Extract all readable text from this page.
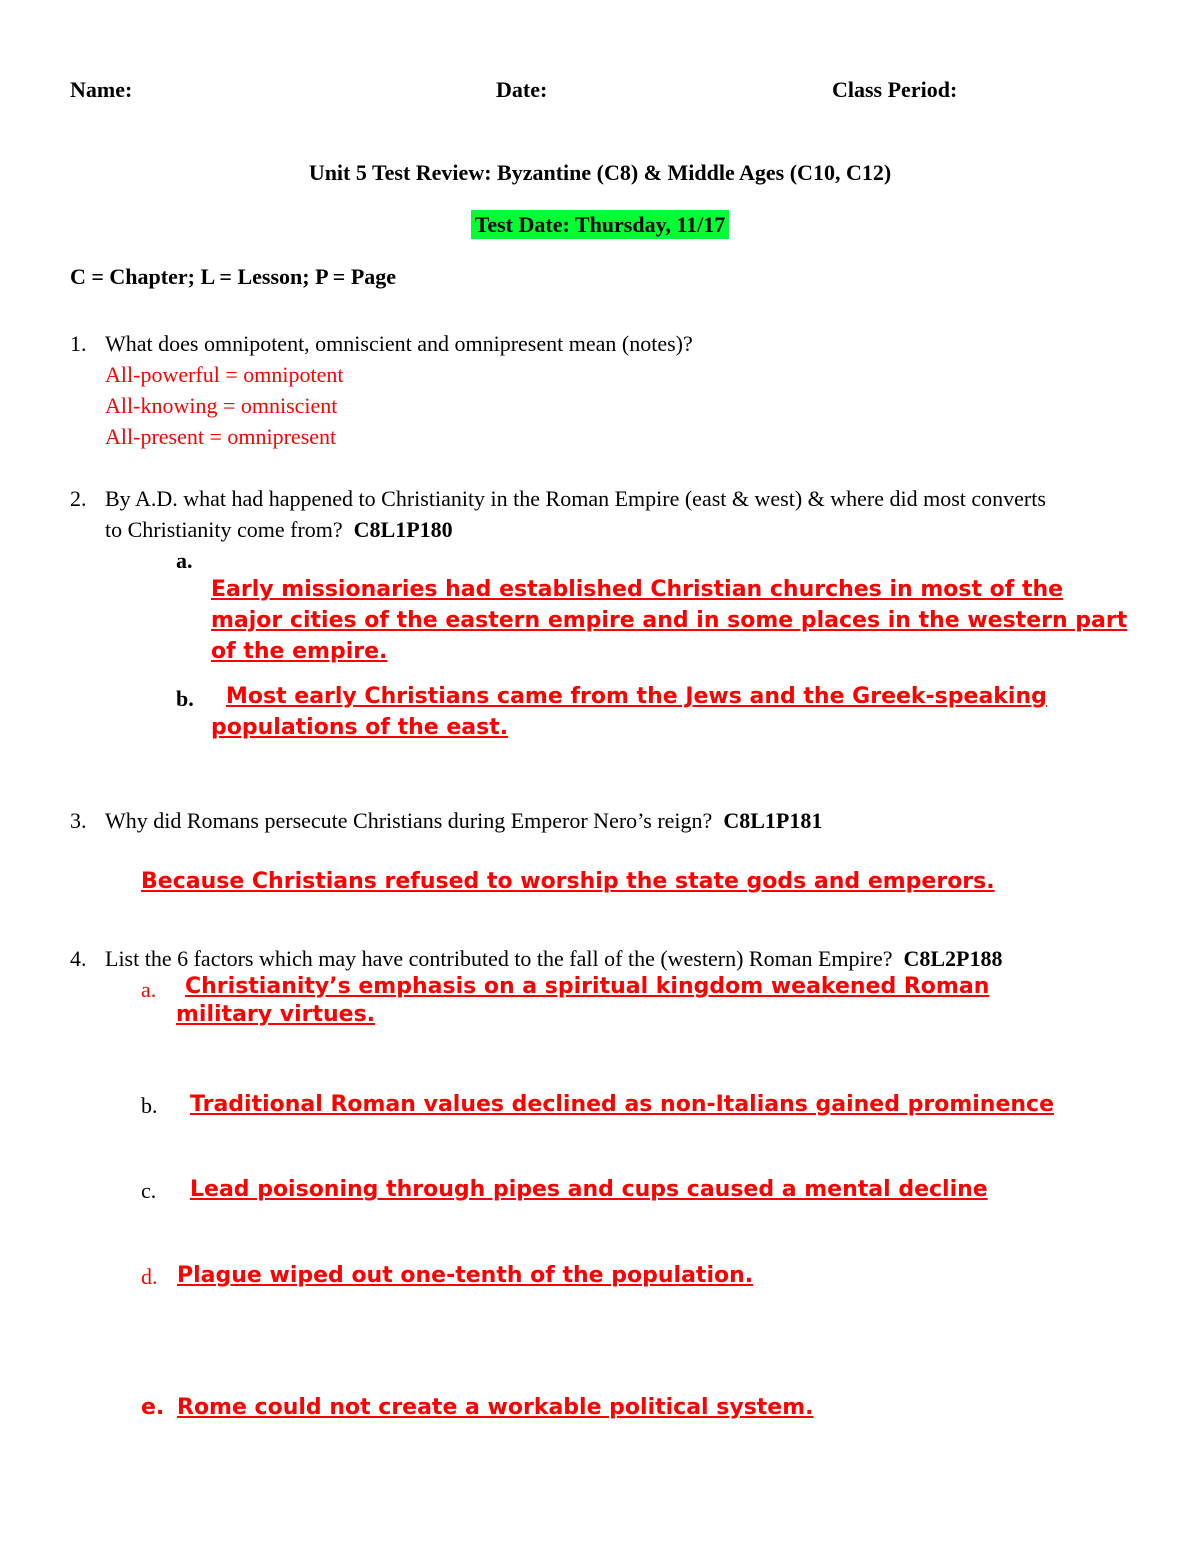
Name:	Date:	Class Period:
Unit 5 Test Review: Byzantine (C8) & Middle Ages (C10, C12)
Test Date: Thursday, 11/17
C = Chapter; L = Lesson; P = Page
1. What does omnipotent, omniscient and omnipresent mean (notes)?
All-powerful = omnipotent
All-knowing = omniscient
All-present = omnipresent
2. By A.D. what had happened to Christianity in the Roman Empire (east & west) & where did most converts
to Christianity come from? C8L1P180
a.
Early missionaries had established Christian churches in most of the major cities of the eastern empire and in some places in the western part of the empire.
b.	Most early Christians came from the Jews and the Greek-speaking populations of the east.
3. Why did Romans persecute Christians during Emperor Nero’s reign? C8L1P181
Because Christians refused to worship the state gods and emperors.
4. List the 6 factors which may have contributed to the fall of the (western) Roman Empire? C8L2P188
a.	Christianity’s emphasis on a spiritual kingdom weakened Roman military virtues.
b. Traditional Roman values declined as non-Italians gained prominence
c. Lead poisoning through pipes and cups caused a mental decline
d. Plague wiped out one-tenth of the population.
e. Rome could not create a workable political system.
